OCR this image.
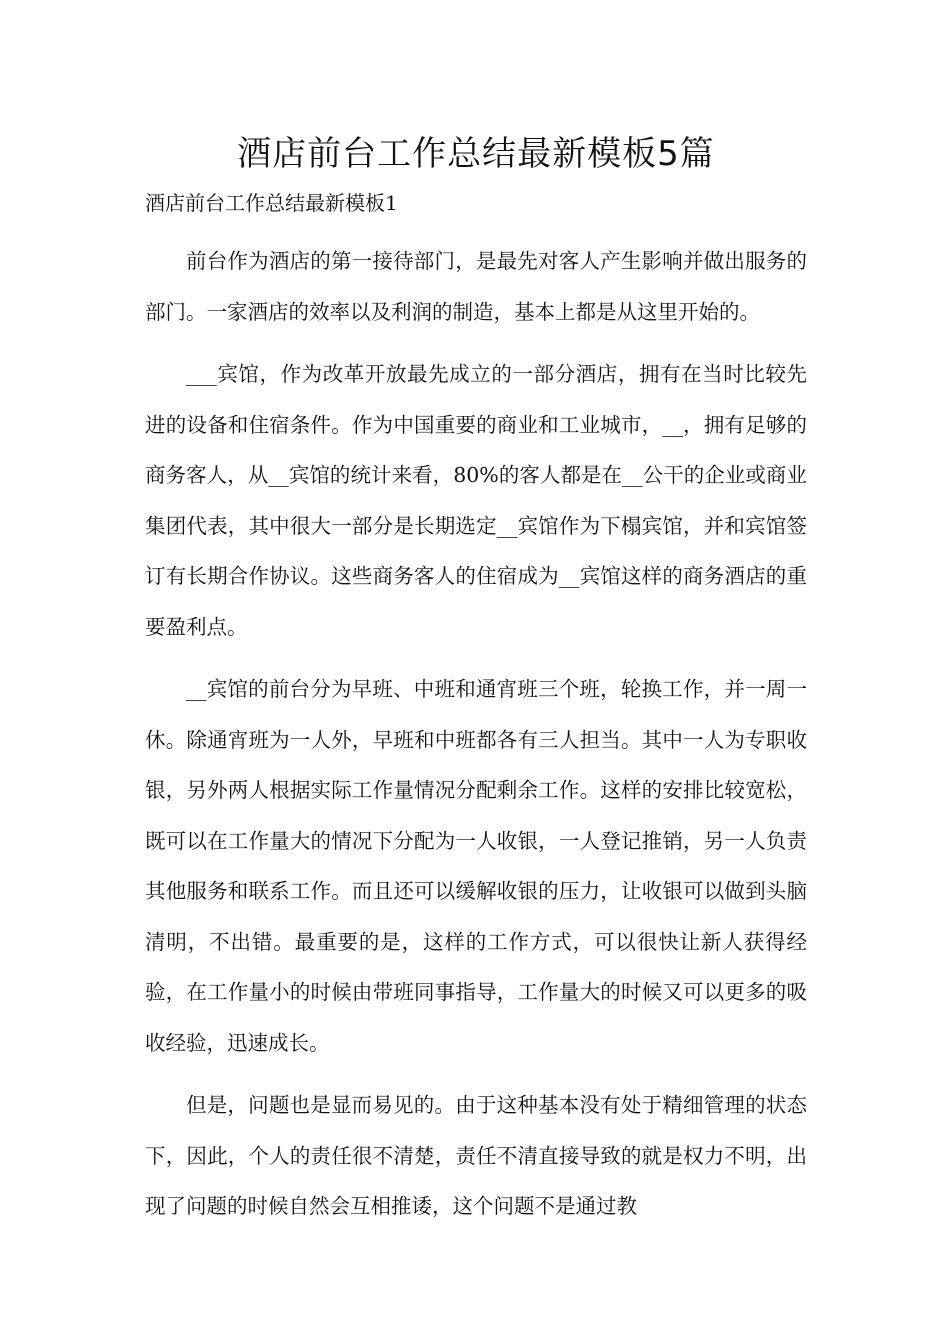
酒店前台工作总结最新模板5篇
酒店前台工作总结最新模板1

前台作为酒店的第一接待部门，是最先对客人产生影响并做出服务的部门。一家酒店的效率以及利润的制造，基本上都是从这里开始的。

___宾馆，作为改革开放最先成立的一部分酒店，拥有在当时比较先进的设备和住宿条件。作为中国重要的商业和工业城市，__，拥有足够的商务客人，从__宾馆的统计来看，80%的客人都是在__公干的企业或商业集团代表，其中很大一部分是长期选定__宾馆作为下榻宾馆，并和宾馆签订有长期合作协议。这些商务客人的住宿成为__宾馆这样的商务酒店的重要盈利点。

__宾馆的前台分为早班、中班和通宵班三个班，轮换工作，并一周一休。除通宵班为一人外，早班和中班都各有三人担当。其中一人为专职收银，另外两人根据实际工作量情况分配剩余工作。这样的安排比较宽松，既可以在工作量大的情况下分配为一人收银，一人登记推销，另一人负责其他服务和联系工作。而且还可以缓解收银的压力，让收银可以做到头脑清明，不出错。最重要的是，这样的工作方式，可以很快让新人获得经验，在工作量小的时候由带班同事指导，工作量大的时候又可以更多的吸收经验，迅速成长。

但是，问题也是显而易见的。由于这种基本没有处于精细管理的状态下，因此，个人的责任很不清楚，责任不清直接导致的就是权力不明，出现了问题的时候自然会互相推诿，这个问题不是通过教
